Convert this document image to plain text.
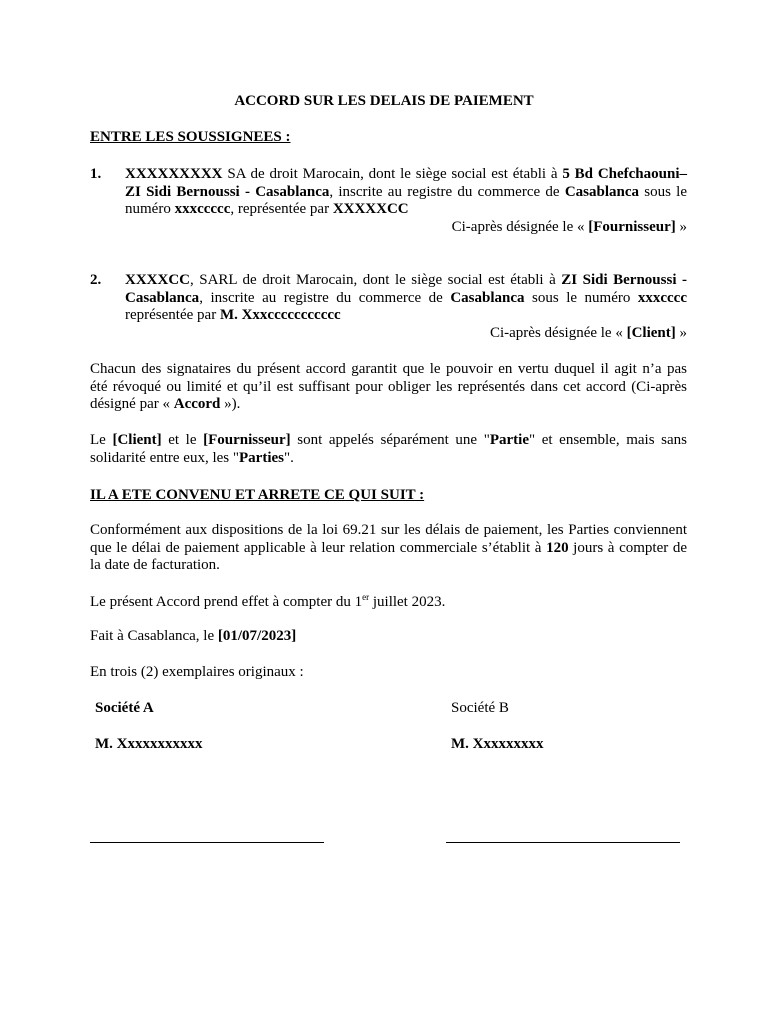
ACCORD SUR LES DELAIS DE PAIEMENT
ENTRE LES SOUSSIGNEES :
1. XXXXXXXXX SA de droit Marocain, dont le siège social est établi à 5 Bd Chefchaouni–
ZI Sidi Bernoussi - Casablanca, inscrite au registre du commerce de Casablanca sous le
numéro xxxccccc, représentée par XXXXXCC
Ci-après désignée le « [Fournisseur] »
2. XXXXCC, SARL de droit Marocain, dont le siège social est établi à ZI Sidi Bernoussi -
Casablanca, inscrite au registre du commerce de Casablanca sous le numéro xxxcccc
représentée par M. Xxxccccccccccc
Ci-après désignée le « [Client] »
Chacun des signataires du présent accord garantit que le pouvoir en vertu duquel il agit n’a pas
été révoqué ou limité et qu’il est suffisant pour obliger les représentés dans cet accord (Ci-après
désigné par « Accord »).
Le [Client] et le [Fournisseur] sont appelés séparément une "Partie" et ensemble, mais sans
solidarité entre eux, les "Parties".
IL A ETE CONVENU ET ARRETE CE QUI SUIT :
Conformément aux dispositions de la loi 69.21 sur les délais de paiement, les Parties conviennent
que le délai de paiement applicable à leur relation commerciale s’établit à 120 jours à compter de
la date de facturation.
Le présent Accord prend effet à compter du 1er juillet 2023.
Fait à Casablanca, le [01/07/2023]
En trois (2) exemplaires originaux :
Société A
M. Xxxxxxxxxxx
Société B
M. Xxxxxxxxx
